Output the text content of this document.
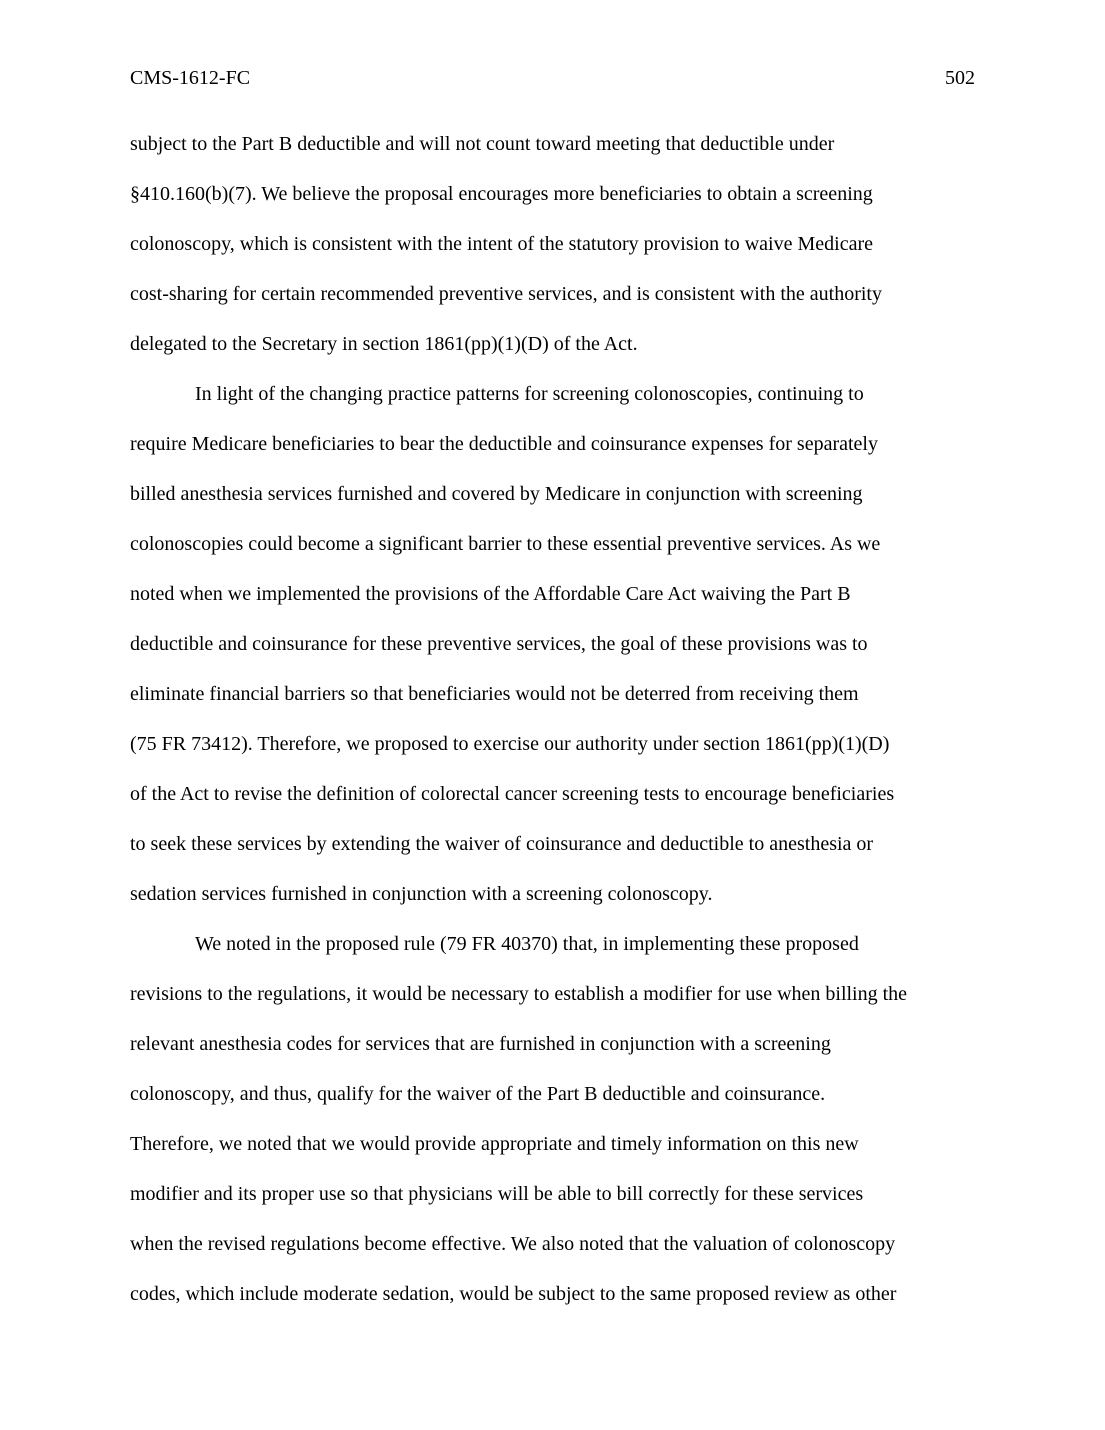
CMS-1612-FC	502
subject to the Part B deductible and will not count toward meeting that deductible under
§410.160(b)(7). We believe the proposal encourages more beneficiaries to obtain a screening
colonoscopy, which is consistent with the intent of the statutory provision to waive Medicare
cost-sharing for certain recommended preventive services, and is consistent with the authority
delegated to the Secretary in section 1861(pp)(1)(D) of the Act.
In light of the changing practice patterns for screening colonoscopies, continuing to
require Medicare beneficiaries to bear the deductible and coinsurance expenses for separately
billed anesthesia services furnished and covered by Medicare in conjunction with screening
colonoscopies could become a significant barrier to these essential preventive services. As we
noted when we implemented the provisions of the Affordable Care Act waiving the Part B
deductible and coinsurance for these preventive services, the goal of these provisions was to
eliminate financial barriers so that beneficiaries would not be deterred from receiving them
(75 FR 73412). Therefore, we proposed to exercise our authority under section 1861(pp)(1)(D)
of the Act to revise the definition of colorectal cancer screening tests to encourage beneficiaries
to seek these services by extending the waiver of coinsurance and deductible to anesthesia or
sedation services furnished in conjunction with a screening colonoscopy.
We noted in the proposed rule (79 FR 40370) that, in implementing these proposed
revisions to the regulations, it would be necessary to establish a modifier for use when billing the
relevant anesthesia codes for services that are furnished in conjunction with a screening
colonoscopy, and thus, qualify for the waiver of the Part B deductible and coinsurance.
Therefore, we noted that we would provide appropriate and timely information on this new
modifier and its proper use so that physicians will be able to bill correctly for these services
when the revised regulations become effective. We also noted that the valuation of colonoscopy
codes, which include moderate sedation, would be subject to the same proposed review as other
